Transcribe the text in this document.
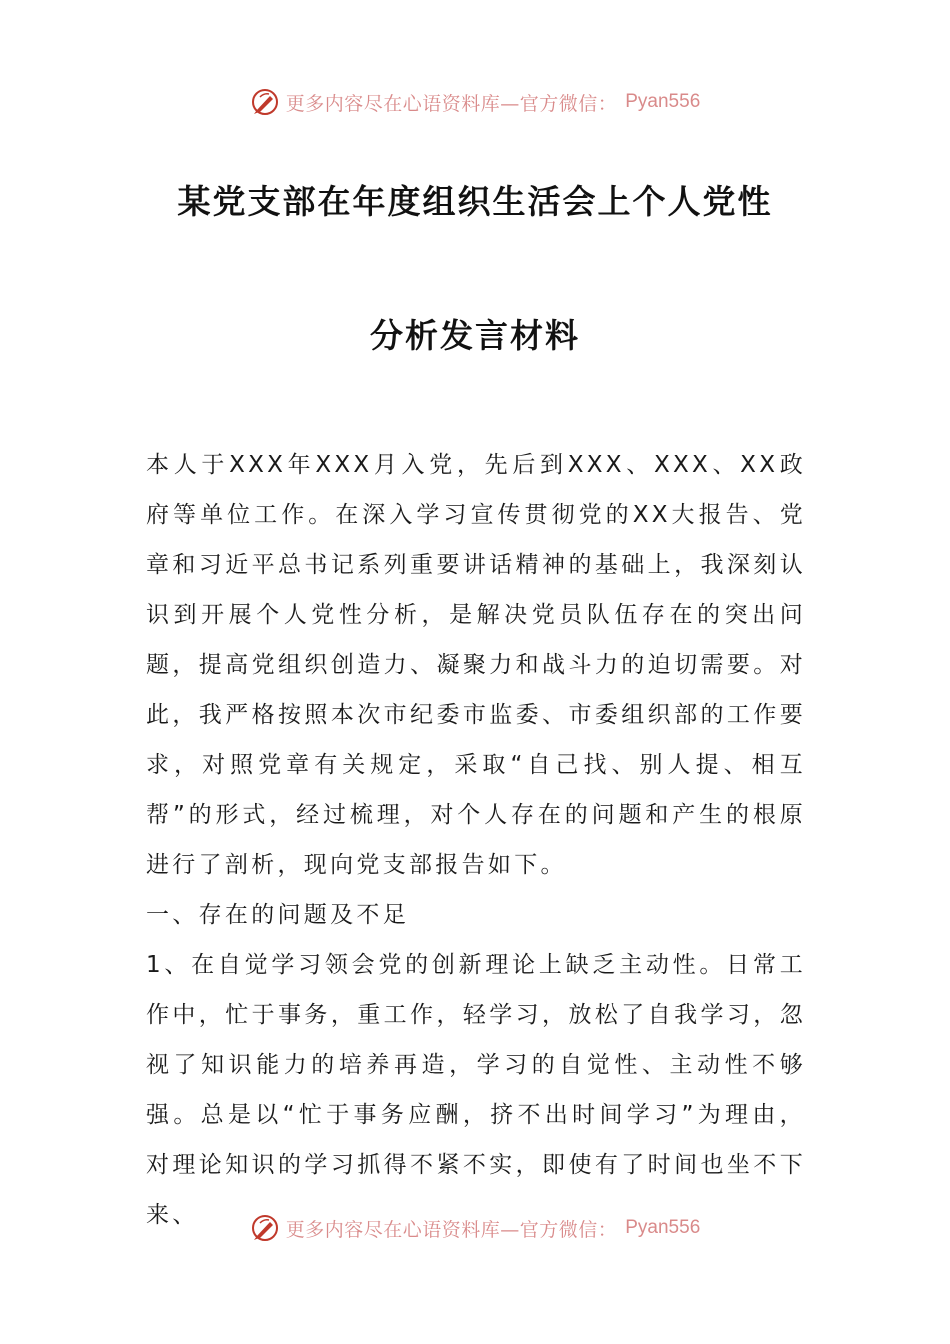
更多内容尽在心语资料库—官方微信： Pyan556
某党支部在年度组织生活会上个人党性
分析发言材料

本人于XXX年XXX月入党，先后到XXX、XXX、XX政府等单位工作。在深入学习宣传贯彻党的XX大报告、党章和习近平总书记系列重要讲话精神的基础上，我深刻认识到开展个人党性分析，是解决党员队伍存在的突出问题，提高党组织创造力、凝聚力和战斗力的迫切需要。对此，我严格按照本次市纪委市监委、市委组织部的工作要求，对照党章有关规定，采取“自己找、别人提、相互帮”的形式，经过梳理，对个人存在的问题和产生的根原进行了剖析，现向党支部报告如下。

一、存在的问题及不足

1、在自觉学习领会党的创新理论上缺乏主动性。日常工作中，忙于事务，重工作，轻学习，放松了自我学习，忽视了知识能力的培养再造，学习的自觉性、主动性不够强。总是以“忙于事务应酬，挤不出时间学习”为理由，对理论知识的学习抓得不紧不实，即使有了时间也坐不下来、

更多内容尽在心语资料库—官方微信： Pyan556
